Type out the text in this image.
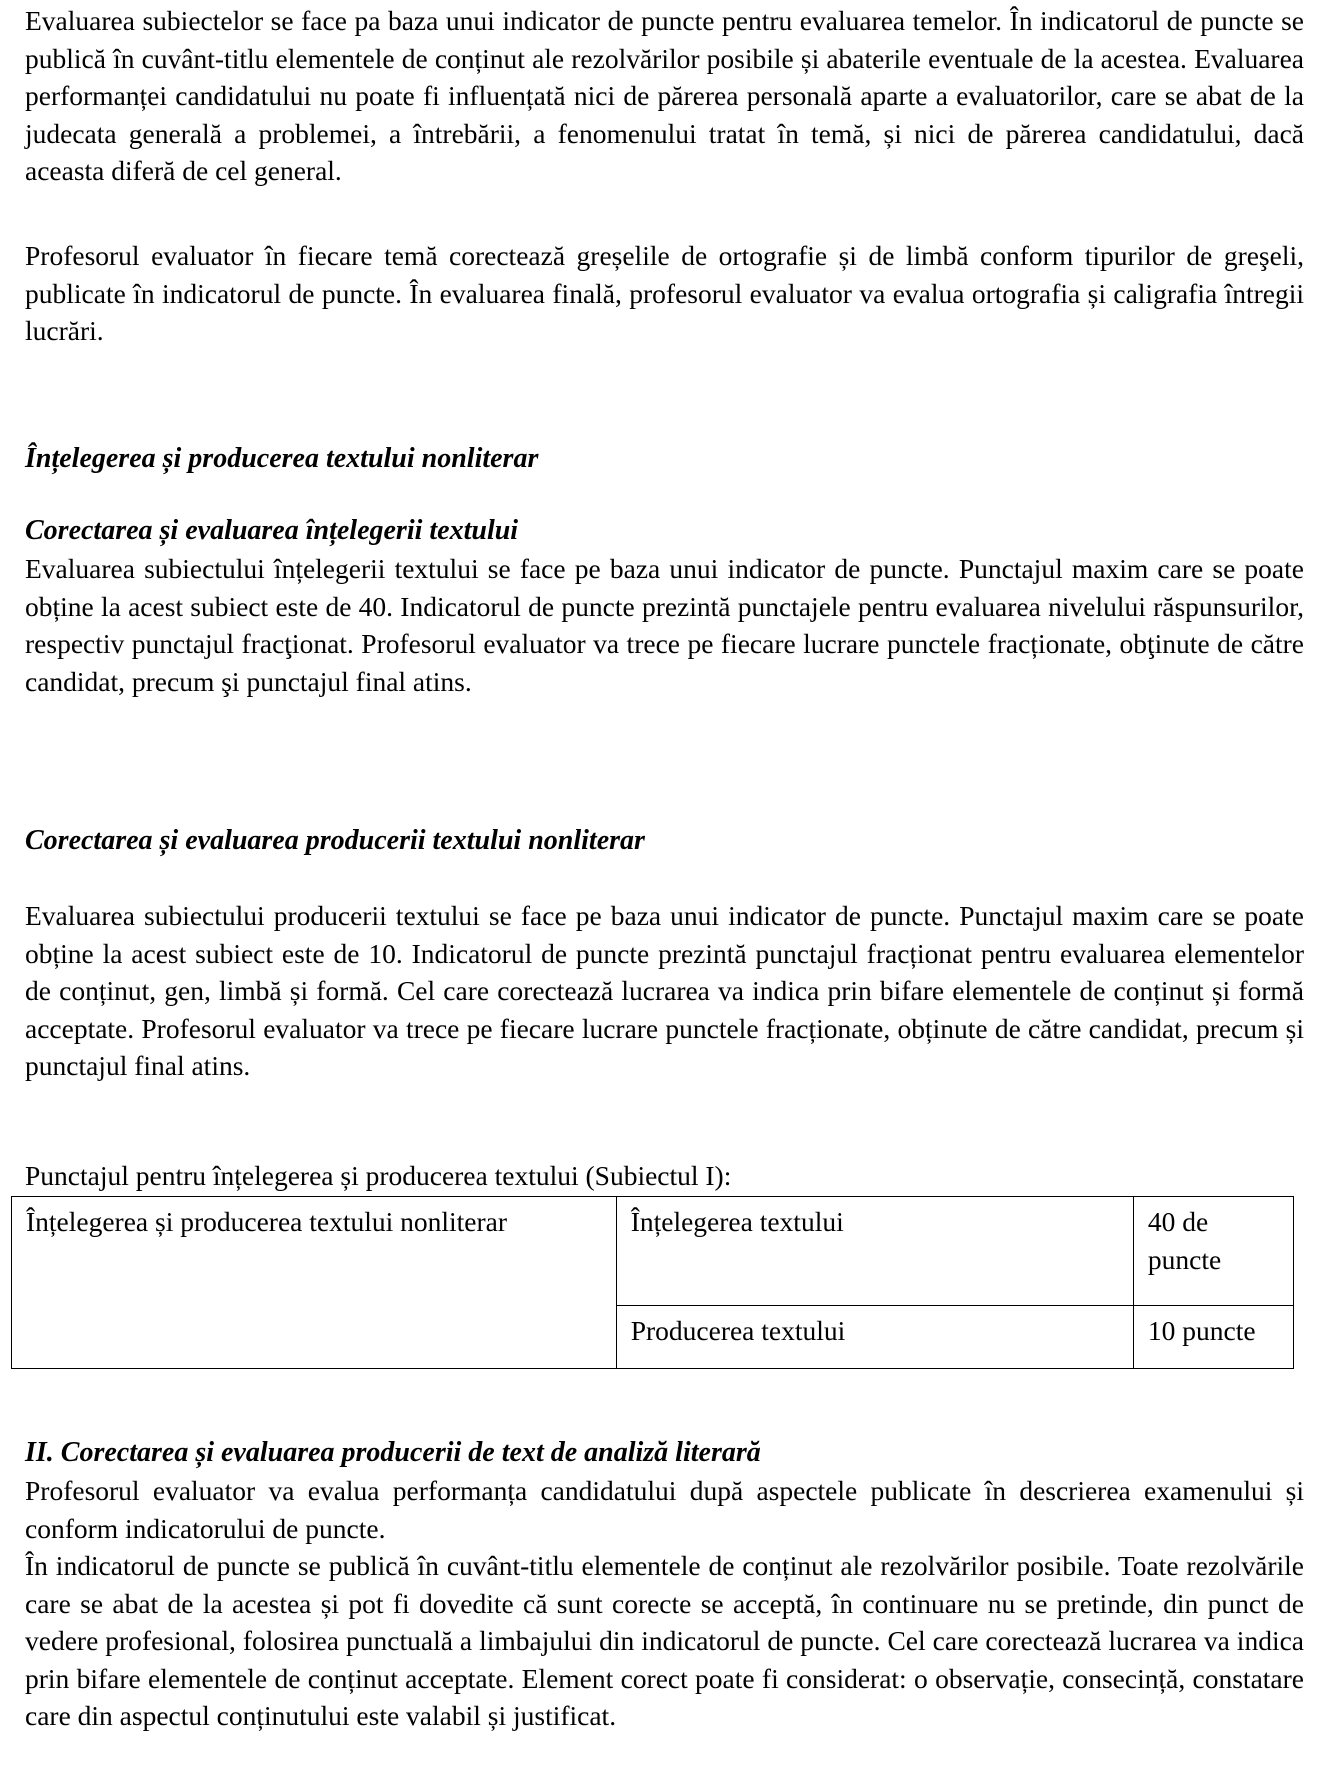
Evaluarea subiectelor se face pa baza unui indicator de puncte pentru evaluarea temelor. În indicatorul de puncte se publică în cuvânt-titlu elementele de conținut ale rezolvărilor posibile și abaterile eventuale de la acestea. Evaluarea performanței candidatului nu poate fi influențată nici de părerea personală aparte a evaluatorilor, care se abat de la judecata generală a problemei, a întrebării, a fenomenului tratat în temă, și nici de părerea candidatului, dacă aceasta diferă de cel general.

Profesorul evaluator în fiecare temă corectează greșelile de ortografie și de limbă conform tipurilor de greşeli, publicate în indicatorul de puncte. În evaluarea finală, profesorul evaluator va evalua ortografia și caligrafia întregii lucrări.

Înțelegerea și producerea textului nonliterar
Corectarea și evaluarea înțelegerii textului

Evaluarea subiectului înțelegerii textului se face pe baza unui indicator de puncte. Punctajul maxim care se poate obține la acest subiect este de 40. Indicatorul de puncte prezintă punctajele pentru evaluarea nivelului răspunsurilor, respectiv punctajul fracţionat. Profesorul evaluator va trece pe fiecare lucrare punctele fracționate, obţinute de către candidat, precum şi punctajul final atins.

Corectarea și evaluarea producerii textului nonliterar

Evaluarea subiectului producerii textului se face pe baza unui indicator de puncte. Punctajul maxim care se poate obține la acest subiect este de 10. Indicatorul de puncte prezintă punctajul fracționat pentru evaluarea elementelor de conținut, gen, limbă și formă. Cel care corectează lucrarea va indica prin bifare elementele de conținut și formă acceptate. Profesorul evaluator va trece pe fiecare lucrare punctele fracționate, obținute de către candidat, precum și punctajul final atins.

Punctajul pentru înțelegerea și producerea textului (Subiectul I):

Înțelegerea și producerea textului nonliterar	Înțelegerea textului	40 de puncte
	Producerea textului	10 puncte
II. Corectarea și evaluarea producerii de text de analiză literară

Profesorul evaluator va evalua performanța candidatului după aspectele publicate în descrierea examenului și conform indicatorului de puncte.

În indicatorul de puncte se publică în cuvânt-titlu elementele de conținut ale rezolvărilor posibile. Toate rezolvările care se abat de la acestea și pot fi dovedite că sunt corecte se acceptă, în continuare nu se pretinde, din punct de vedere profesional, folosirea punctuală a limbajului din indicatorul de puncte. Cel care corectează lucrarea va indica prin bifare elementele de conținut acceptate. Element corect poate fi considerat: o observație, consecință, constatare care din aspectul conținutului este valabil și justificat.
